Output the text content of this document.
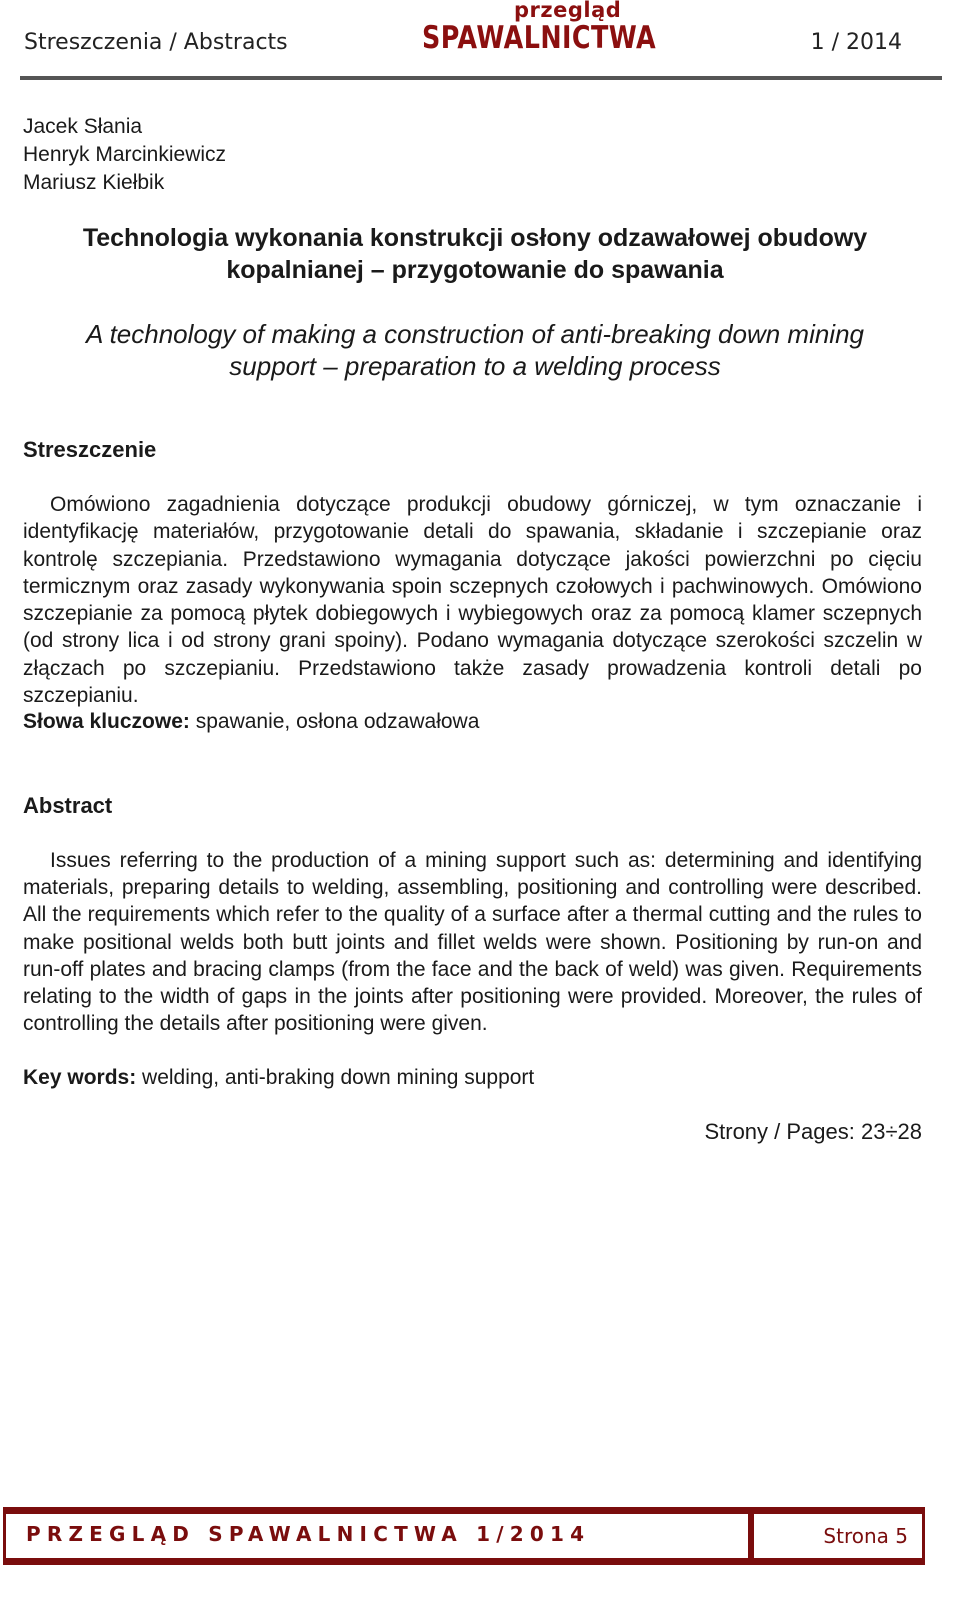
Streszczenia / Abstracts
przegląd
SPAWALNICTWA	1 / 2014
Jacek Słania
Henryk Marcinkiewicz
Mariusz Kiełbik
Technologia wykonania konstrukcji osłony odzawałowej obudowy kopalnianej – przygotowanie do spawania
A technology of making a construction of anti-breaking down mining support – preparation to a welding process
Streszczenie
Omówiono zagadnienia dotyczące produkcji obudowy górniczej, w tym oznaczanie i identyfikację materiałów, przygotowanie detali do spawania, składanie i szczepianie oraz kontrolę szczepiania. Przedstawiono wymagania dotyczące jakości powierzchni po cięciu termicznym oraz zasady wykonywania spoin sczepnych czołowych i pachwinowych. Omówiono szczepianie za pomocą płytek dobiegowych i wybiegowych oraz za pomocą klamer sczepnych (od strony lica i od strony grani spoiny). Podano wymagania dotyczące szerokości szczelin w złączach po szczepianiu. Przedstawiono także zasady prowadzenia kontroli detali po szczepianiu.
Słowa kluczowe: spawanie, osłona odzawałowa
Abstract
Issues referring to the production of a mining support such as: determining and identifying materials, preparing details to welding, assembling, positioning and controlling were described. All the requirements which refer to the quality of a surface after a thermal cutting and the rules to make positional welds both butt joints and fillet welds were shown. Positioning by run-on and run-off plates and bracing clamps (from the face and the back of weld) was given. Requirements relating to the width of gaps in the joints after positioning were provided. Moreover, the rules of controlling the details after positioning were given.
Key words: welding, anti-braking down mining support
Strony / Pages: 23÷28
PRZEGLĄD SPAWALNICTWA 1/2014	Strona 5
